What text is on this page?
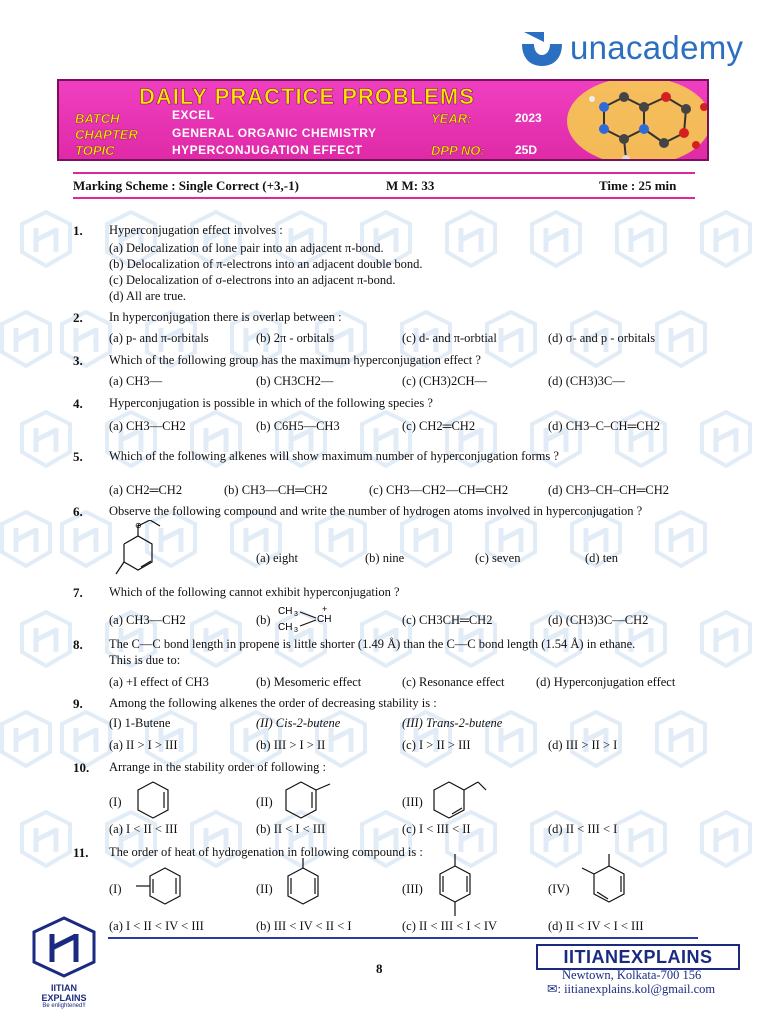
unacademy
DAILY PRACTICE PROBLEMS
BATCH	EXCEL
CHAPTER	GENERAL ORGANIC CHEMISTRY
TOPIC	HYPERCONJUGATION EFFECT
YEAR:	2023
DPP NO:	25D
Marking Scheme : Single Correct (+3,-1)	M M: 33	Time : 25 min
1. Hyperconjugation effect involves :
(a) Delocalization of lone pair into an adjacent π-bond.
(b) Delocalization of π-electrons into an adjacent double bond.
(c) Delocalization of σ-electrons into an adjacent π-bond.
(d) All are true.
2. In hyperconjugation there is overlap between :
(a) p- and π-orbitals	(b) 2π - orbitals	(c) d- and π-orbtial	(d) σ- and p - orbitals
3. Which of the following group has the maximum hyperconjugation effect ?
(a) CH3—	(b) CH3CH2—	(c) (CH3)2CH—	(d) (CH3)3C—
4. Hyperconjugation is possible in which of the following species ?
(a) CH3—CH2	(b) C6H5—CH3	(c) CH2═CH2	(d) CH3–C–CH═CH2
5. Which of the following alkenes will show maximum number of hyperconjugation forms ?
(a) CH2═CH2	(b) CH3—CH═CH2	(c) CH3—CH2—CH═CH2	(d) CH3–CH–CH═CH2
6. Observe the following compound and write the number of hydrogen atoms involved in hyperconjugation ?
⊕
(a) eight	(b) nine	(c) seven	(d) ten
7. Which of the following cannot exhibit hyperconjugation ?
(a) CH3—CH2	(b)
CH 3
CH 3
CH
+
(c) CH3CH═CH2	(d) (CH3)3C—CH2
8. The C—C bond length in propene is little shorter (1.49 Å) than the C—C bond length (1.54 Å) in ethane.
This is due to:
(a) +I effect of CH3	(b) Mesomeric effect	(c) Resonance effect	(d) Hyperconjugation effect
9. Among the following alkenes the order of decreasing stability is :
(I) 1-Butene	(II) Cis-2-butene	(III) Trans-2-butene
(a) II > I > III	(b) III > I > II	(c) I > II > III	(d) III > II > I
10. Arrange in the stability order of following :
(I)	(II)	(III)
(a) I < II < III	(b) II < I < III	(c) I < III < II	(d) II < III < I
11. The order of heat of hydrogenation in following compound is :
(I)	(II)	(III)	(IV)
(a) I < II < IV < III	(b) III < IV < II < I	(c) II < III < I < IV	(d) II < IV < I < III
IITIAN EXPLAINS
Be enlightened!!
8
IITIANEXPLAINS
Newtown, Kolkata-700 156
✉: iitianexplains.kol@gmail.com
